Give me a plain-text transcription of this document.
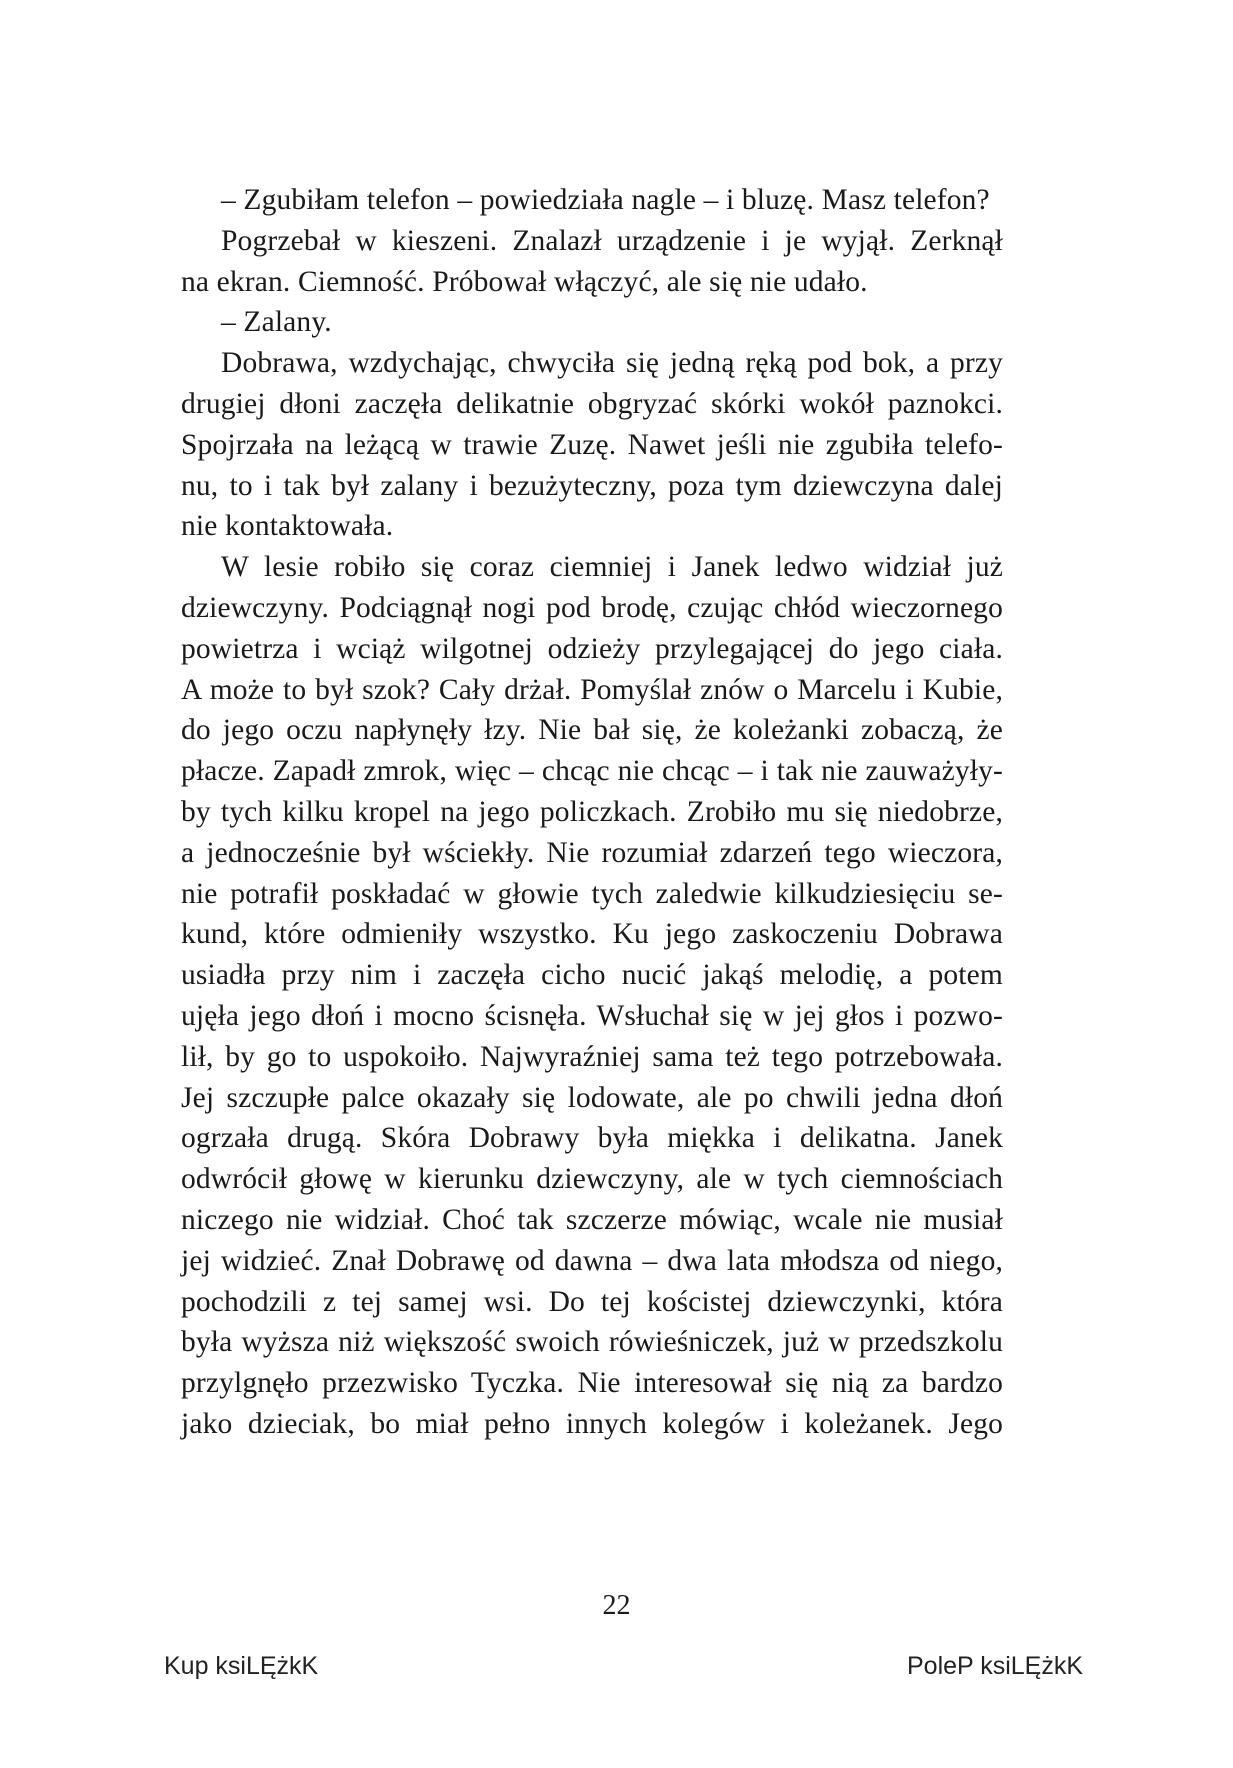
– Zgubiłam telefon – powiedziała nagle – i bluzę. Masz telefon?
Pogrzebał w kieszeni. Znalazł urządzenie i je wyjął. Zerknął
na ekran. Ciemność. Próbował włączyć, ale się nie udało.
– Zalany.
Dobrawa, wzdychając, chwyciła się jedną ręką pod bok, a przy
drugiej dłoni zaczęła delikatnie obgryzać skórki wokół paznokci.
Spojrzała na leżącą w trawie Zuzę. Nawet jeśli nie zgubiła telefo-
nu, to i tak był zalany i bezużyteczny, poza tym dziewczyna dalej
nie kontaktowała.
W lesie robiło się coraz ciemniej i Janek ledwo widział już
dziewczyny. Podciągnął nogi pod brodę, czując chłód wieczornego
powietrza i wciąż wilgotnej odzieży przylegającej do jego ciała.
A może to był szok? Cały drżał. Pomyślał znów o Marcelu i Kubie,
do jego oczu napłynęły łzy. Nie bał się, że koleżanki zobaczą, że
płacze. Zapadł zmrok, więc – chcąc nie chcąc – i tak nie zauważyły-
by tych kilku kropel na jego policzkach. Zrobiło mu się niedobrze,
a jednocześnie był wściekły. Nie rozumiał zdarzeń tego wieczora,
nie potrafił poskładać w głowie tych zaledwie kilkudziesięciu se-
kund, które odmieniły wszystko. Ku jego zaskoczeniu Dobrawa
usiadła przy nim i zaczęła cicho nucić jakąś melodię, a potem
ujęła jego dłoń i mocno ścisnęła. Wsłuchał się w jej głos i pozwo-
lił, by go to uspokoiło. Najwyraźniej sama też tego potrzebowała.
Jej szczupłe palce okazały się lodowate, ale po chwili jedna dłoń
ogrzała drugą. Skóra Dobrawy była miękka i delikatna. Janek
odwrócił głowę w kierunku dziewczyny, ale w tych ciemnościach
niczego nie widział. Choć tak szczerze mówiąc, wcale nie musiał
jej widzieć. Znał Dobrawę od dawna – dwa lata młodsza od niego,
pochodzili z tej samej wsi. Do tej kościstej dziewczynki, która
była wyższa niż większość swoich rówieśniczek, już w przedszkolu
przylgnęło przezwisko Tyczka. Nie interesował się nią za bardzo
jako dzieciak, bo miał pełno innych kolegów i koleżanek. Jego
22
Kup ksiLĘżkK	PoleP ksiLĘżkK
